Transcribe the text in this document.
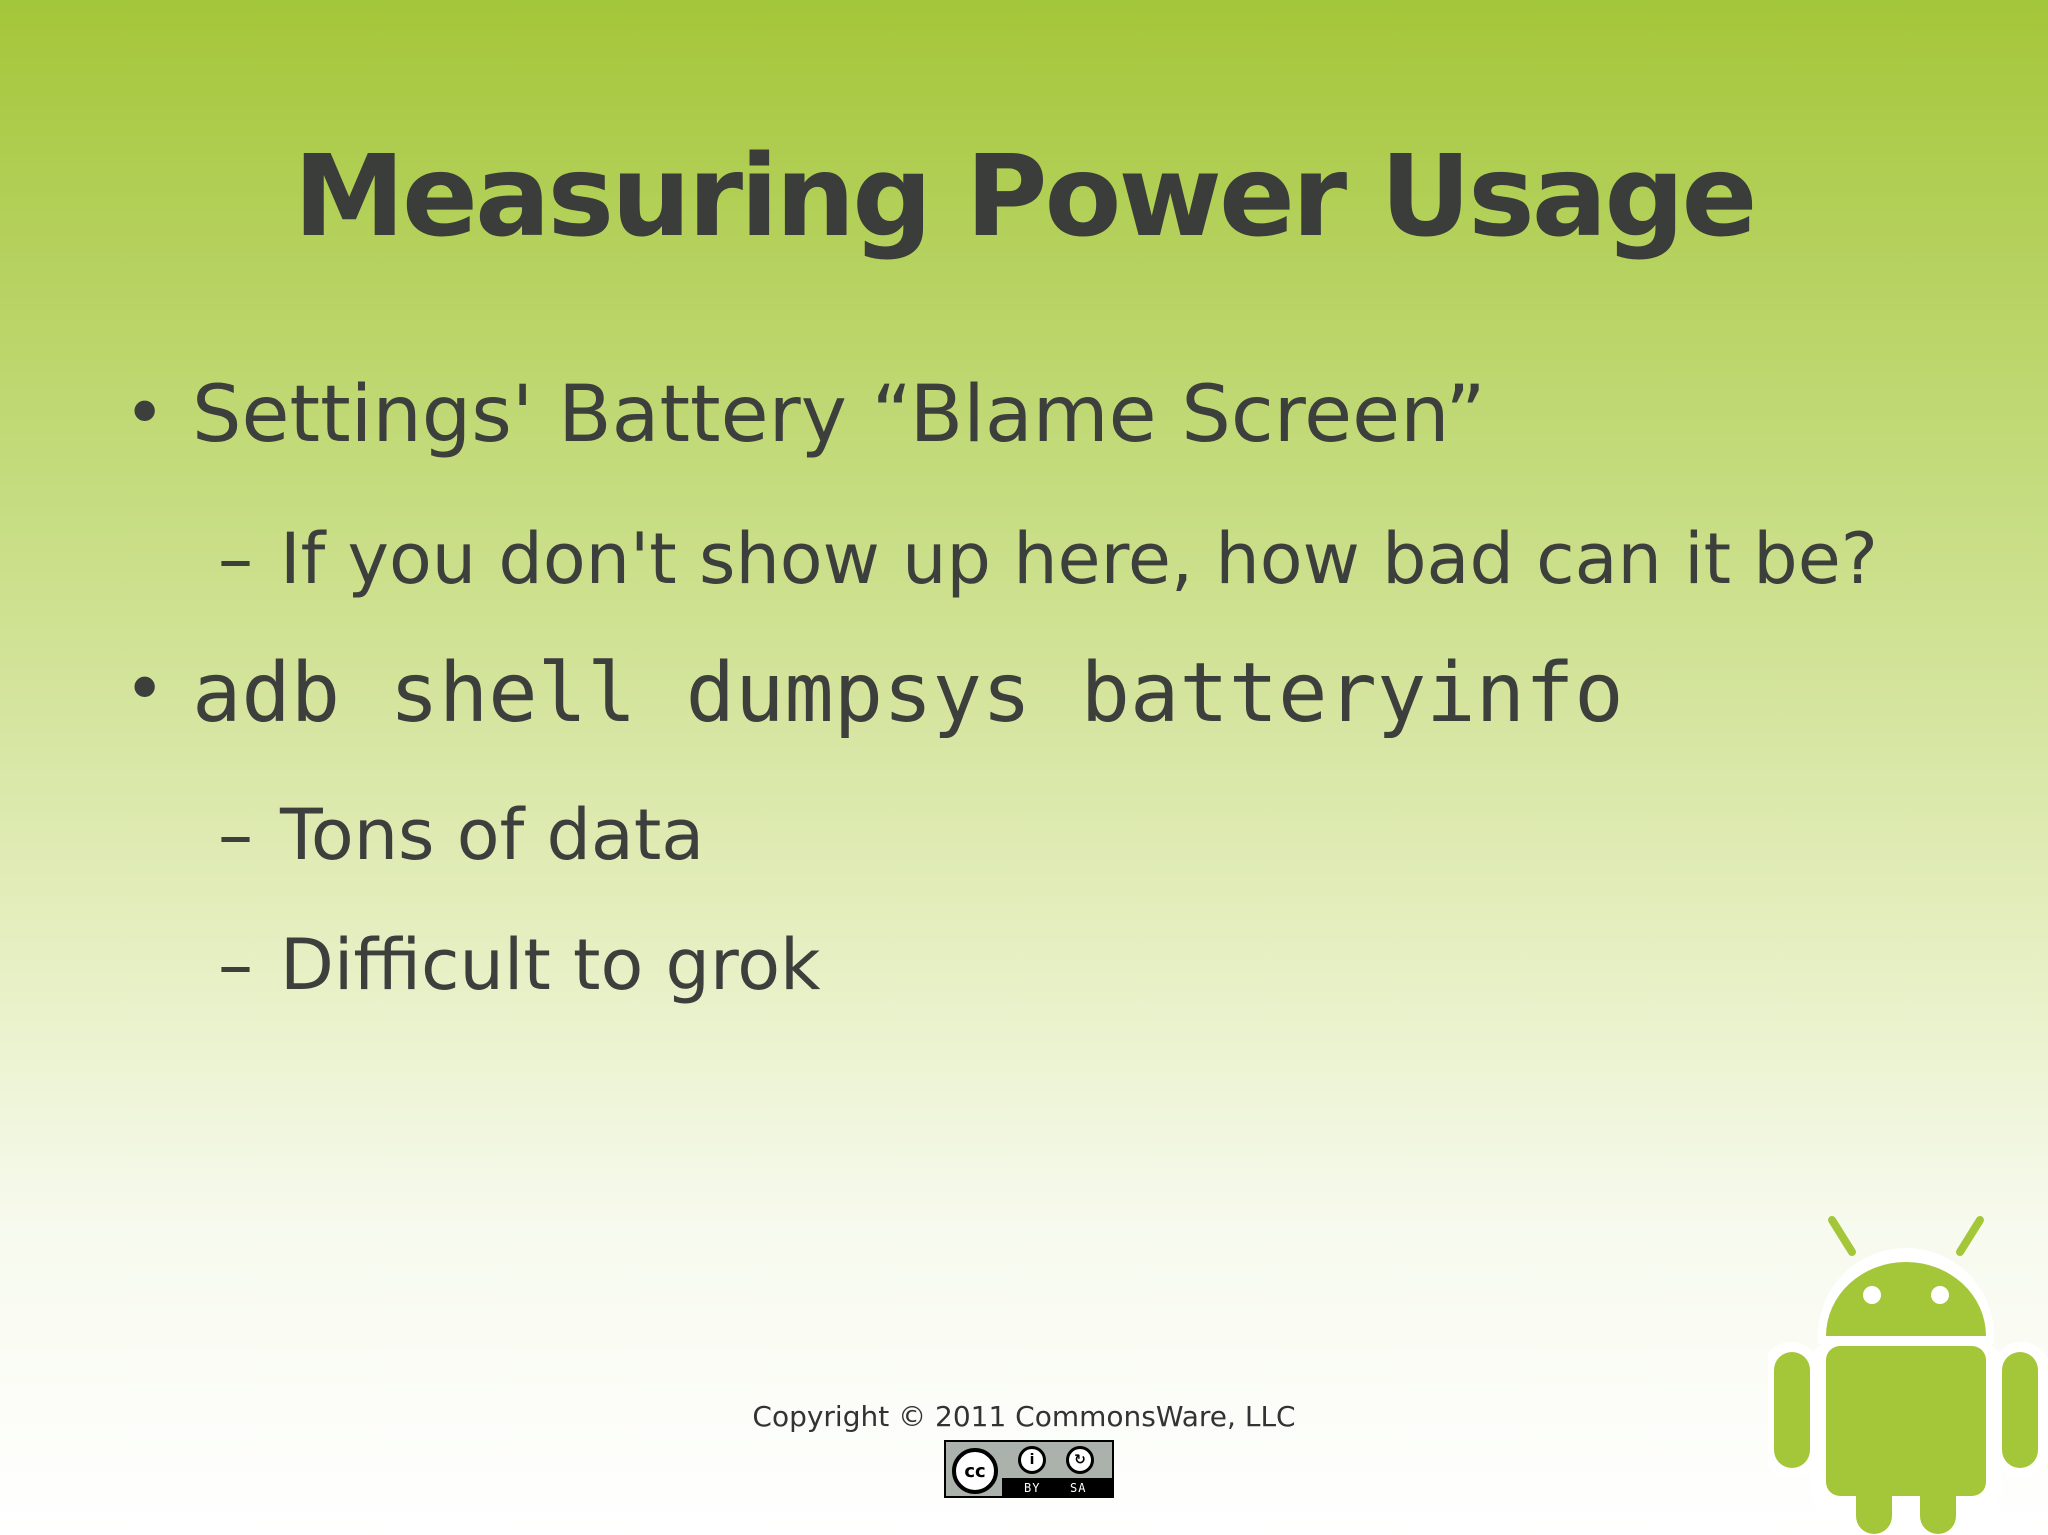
Measuring Power Usage
• Settings' Battery “Blame Screen”
– If you don't show up here, how bad can it be?
• adb shell dumpsys batteryinfo
– Tons of data
– Difficult to grok
Copyright © 2011 CommonsWare, LLC
cc
i	↻
BY SA
